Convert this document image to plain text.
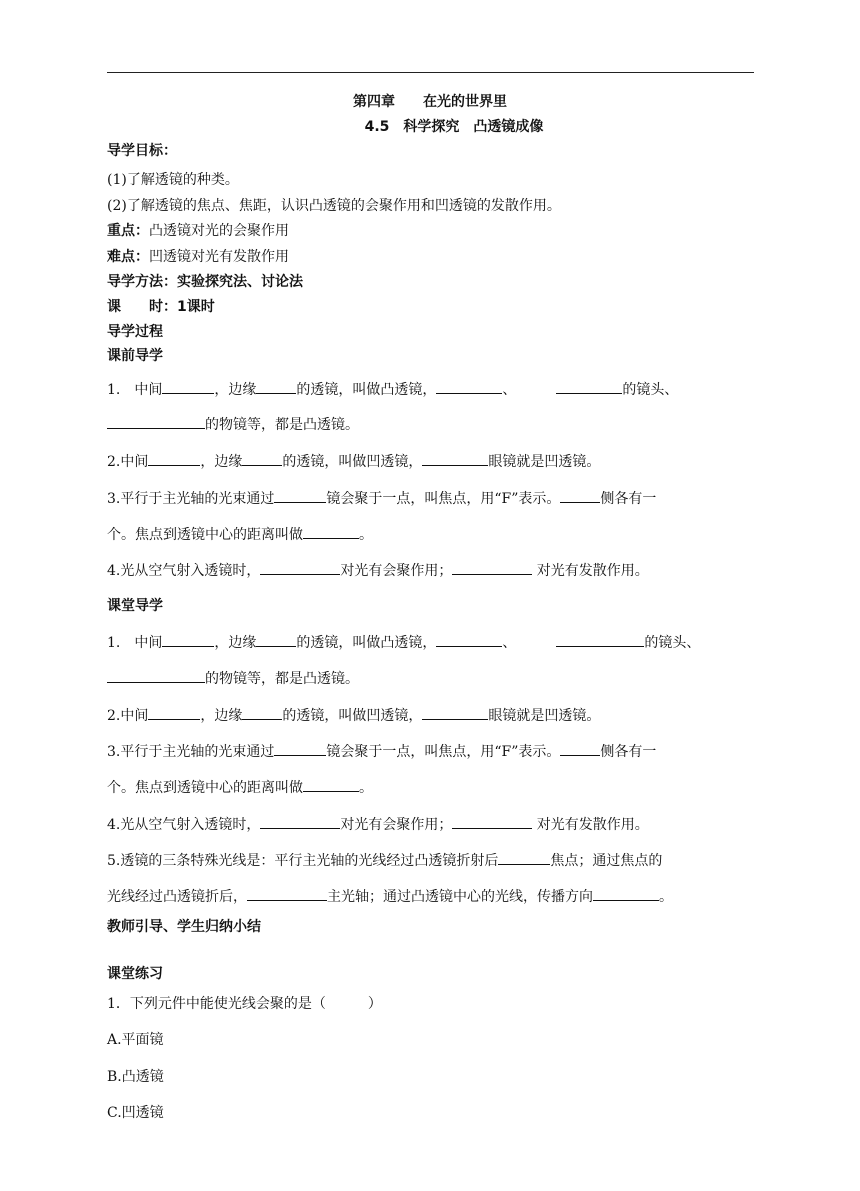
第四章　　在光的世界里
4.5　科学探究　凸透镜成像
导学目标：
(1)了解透镜的种类。
(2)了解透镜的焦点、焦距，认识凸透镜的会聚作用和凹透镜的发散作用。
重点：凸透镜对光的会聚作用
难点：凹透镜对光有发散作用
导学方法：实验探究法、讨论法
课　　时：1课时
导学过程
课前导学
1.　中间	，边缘	的透镜，叫做凸透镜，	、	的镜头、
的物镜等，都是凸透镜。
2.中间	，边缘	的透镜，叫做凹透镜，	眼镜就是凹透镜。
3.平行于主光轴的光束通过	镜会聚于一点，叫焦点，用“F”表示。	侧各有一
个。焦点到透镜中心的距离叫做	。
4.光从空气射入透镜时，	对光有会聚作用；	对光有发散作用。
课堂导学
1.　中间	，边缘	的透镜，叫做凸透镜，	、	的镜头、
的物镜等，都是凸透镜。
2.中间	，边缘	的透镜，叫做凹透镜，	眼镜就是凹透镜。
3.平行于主光轴的光束通过	镜会聚于一点，叫焦点，用“F”表示。	侧各有一
个。焦点到透镜中心的距离叫做	。
4.光从空气射入透镜时，	对光有会聚作用；	对光有发散作用。
5.透镜的三条特殊光线是：平行主光轴的光线经过凸透镜折射后	焦点；通过焦点的
光线经过凸透镜折后，	主光轴；通过凸透镜中心的光线，传播方向	。
教师引导、学生归纳小结
课堂练习
1．下列元件中能使光线会聚的是（　　　）
A.平面镜
B.凸透镜
C.凹透镜
